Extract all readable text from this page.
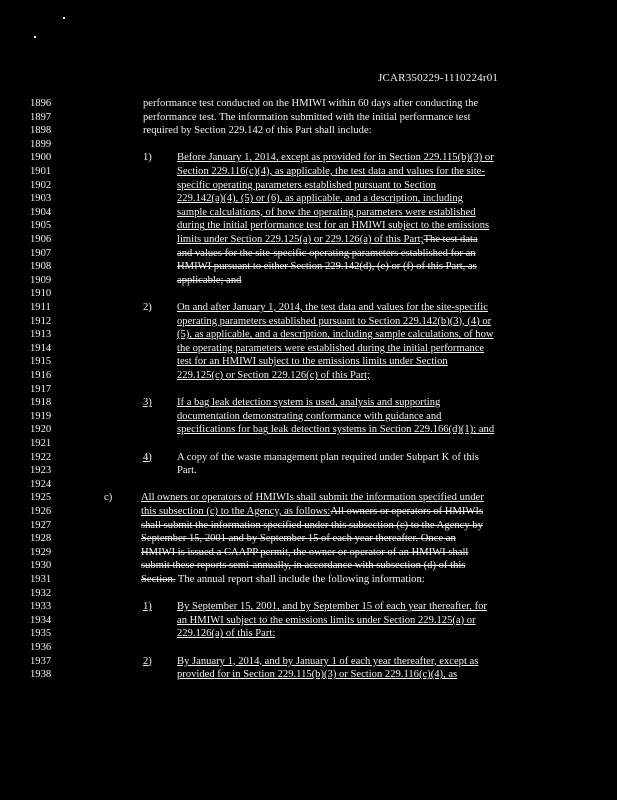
JCAR350229-1110224r01
1896	performance test conducted on the HMIWI within 60 days after conducting the
1897	performance test. The information submitted with the initial performance test
1898	required by Section 229.142 of this Part shall include:
1899
1900	1) Before January 1, 2014, except as provided for in Section 229.115(b)(3) or
1901	Section 229.116(c)(4), as applicable, the test data and values for the site-
1902	specific operating parameters established pursuant to Section
1903	229.142(a)(4), (5) or (6), as applicable, and a description, including
1904	sample calculations, of how the operating parameters were established
1905	during the initial performance test for an HMIWI subject to the emissions
1906	limits under Section 229.125(a) or 229.126(a) of this Part;The test data
1907	and values for the site-specific operating parameters established for an
1908	HMIWI pursuant to either Section 229.142(d), (e) or (f) of this Part, as
1909	applicable; and
1910
1911	2) On and after January 1, 2014, the test data and values for the site-specific
1912	operating parameters established pursuant to Section 229.142(b)(3), (4) or
1913	(5), as applicable, and a description, including sample calculations, of how
1914	the operating parameters were established during the initial performance
1915	test for an HMIWI subject to the emissions limits under Section
1916	229.125(c) or Section 229.126(c) of this Part;
1917
1918	3) If a bag leak detection system is used, analysis and supporting
1919	documentation demonstrating conformance with guidance and
1920	specifications for bag leak detection systems in Section 229.166(d)(1); and
1921
1922	4) A copy of the waste management plan required under Subpart K of this
1923	Part.
1924
1925	c)	All owners or operators of HMIWIs shall submit the information specified under
1926	this subsection (c) to the Agency, as follows:All owners or operators of HMIWIs
1927	shall submit the information specified under this subsection (c) to the Agency by
1928	September 15, 2001 and by September 15 of each year thereafter. Once an
1929	HMIWI is issued a CAAPP permit, the owner or operator of an HMIWI shall
1930	submit these reports semi-annually, in accordance with subsection (d) of this
1931	Section. The annual report shall include the following information:
1932
1933	1) By September 15, 2001, and by September 15 of each year thereafter, for
1934	an HMIWI subject to the emissions limits under Section 229.125(a) or
1935	229.126(a) of this Part:
1936
1937	2) By January 1, 2014, and by January 1 of each year thereafter, except as
1938	provided for in Section 229.115(b)(3) or Section 229.116(c)(4), as
